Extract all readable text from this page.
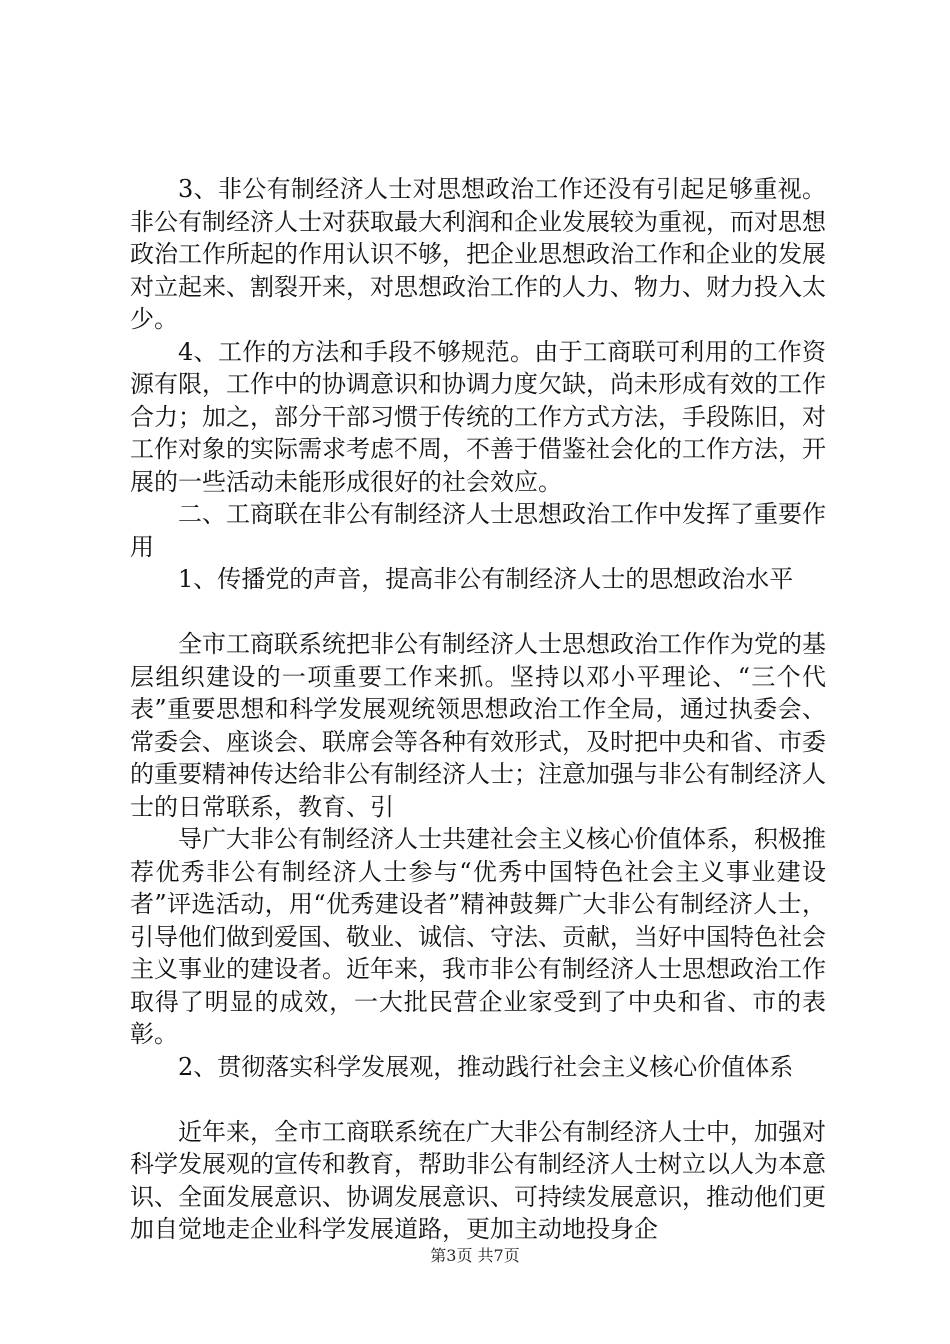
3、非公有制经济人士对思想政治工作还没有引起足够重视。非公有制经济人士对获取最大利润和企业发展较为重视，而对思想政治工作所起的作用认识不够，把企业思想政治工作和企业的发展对立起来、割裂开来，对思想政治工作的人力、物力、财力投入太少。

4、工作的方法和手段不够规范。由于工商联可利用的工作资源有限，工作中的协调意识和协调力度欠缺，尚未形成有效的工作合力；加之，部分干部习惯于传统的工作方式方法，手段陈旧，对工作对象的实际需求考虑不周，不善于借鉴社会化的工作方法，开展的一些活动未能形成很好的社会效应。

二、工商联在非公有制经济人士思想政治工作中发挥了重要作用

1、传播党的声音，提高非公有制经济人士的思想政治水平

全市工商联系统把非公有制经济人士思想政治工作作为党的基层组织建设的一项重要工作来抓。坚持以邓小平理论、“三个代表”重要思想和科学发展观统领思想政治工作全局，通过执委会、常委会、座谈会、联席会等各种有效形式，及时把中央和省、市委的重要精神传达给非公有制经济人士；注意加强与非公有制经济人士的日常联系，教育、引

导广大非公有制经济人士共建社会主义核心价值体系，积极推荐优秀非公有制经济人士参与“优秀中国特色社会主义事业建设者”评选活动，用“优秀建设者”精神鼓舞广大非公有制经济人士，引导他们做到爱国、敬业、诚信、守法、贡献，当好中国特色社会主义事业的建设者。近年来，我市非公有制经济人士思想政治工作取得了明显的成效，一大批民营企业家受到了中央和省、市的表彰。

2、贯彻落实科学发展观，推动践行社会主义核心价值体系

近年来，全市工商联系统在广大非公有制经济人士中，加强对科学发展观的宣传和教育，帮助非公有制经济人士树立以人为本意识、全面发展意识、协调发展意识、可持续发展意识，推动他们更加自觉地走企业科学发展道路，更加主动地投身企

第3页 共7页
